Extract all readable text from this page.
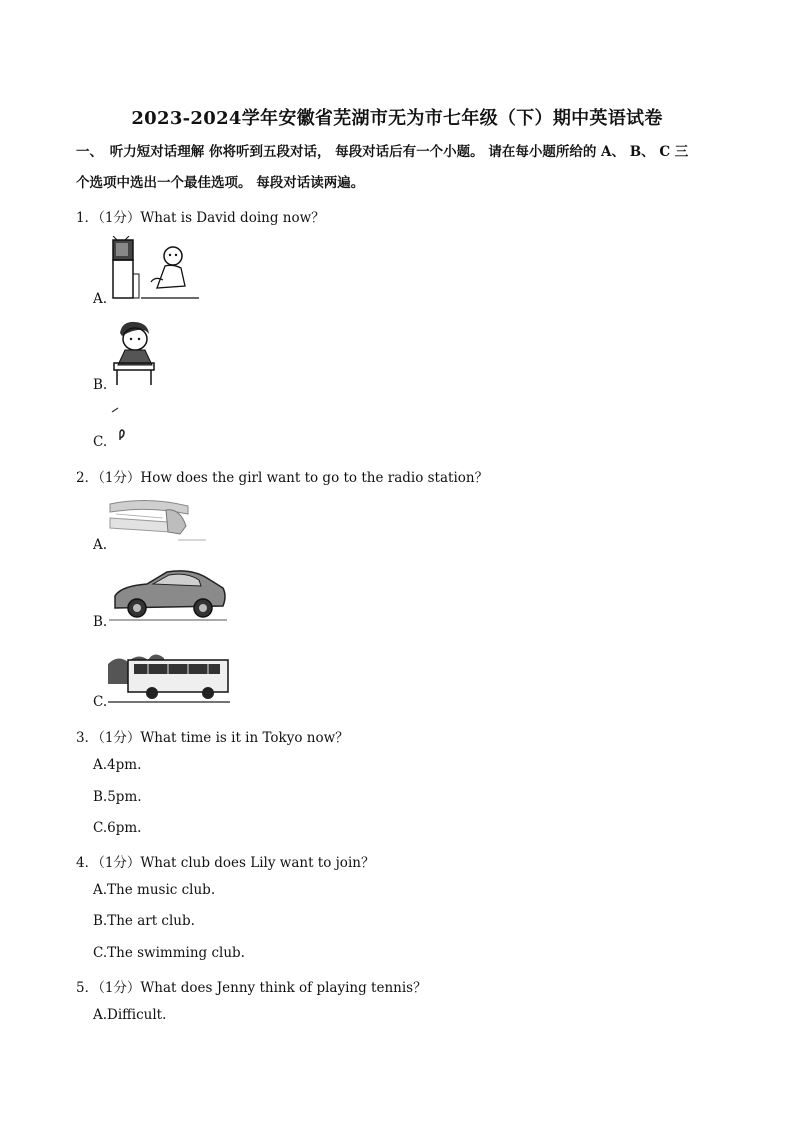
2023-2024学年安徽省芜湖市无为市七年级（下）期中英语试卷
一、　听力短对话理解 你将听到五段对话， 每段对话后有一个小题。 请在每小题所给的 A、 B、 C 三
个选项中选出一个最佳选项。 每段对话读两遍。
1．（1分）What is David doing now？
A.
B.
C.
2．（1分）How does the girl want to go to the radio station？
A.
B.
C.
3．（1分）What time is it in Tokyo now？
A.4pm.
B.5pm.
C.6pm.
4．（1分）What club does Lily want to join？
A.The music club.
B.The art club.
C.The swimming club.
5．（1分）What does Jenny think of playing tennis？
A.Difficult.
